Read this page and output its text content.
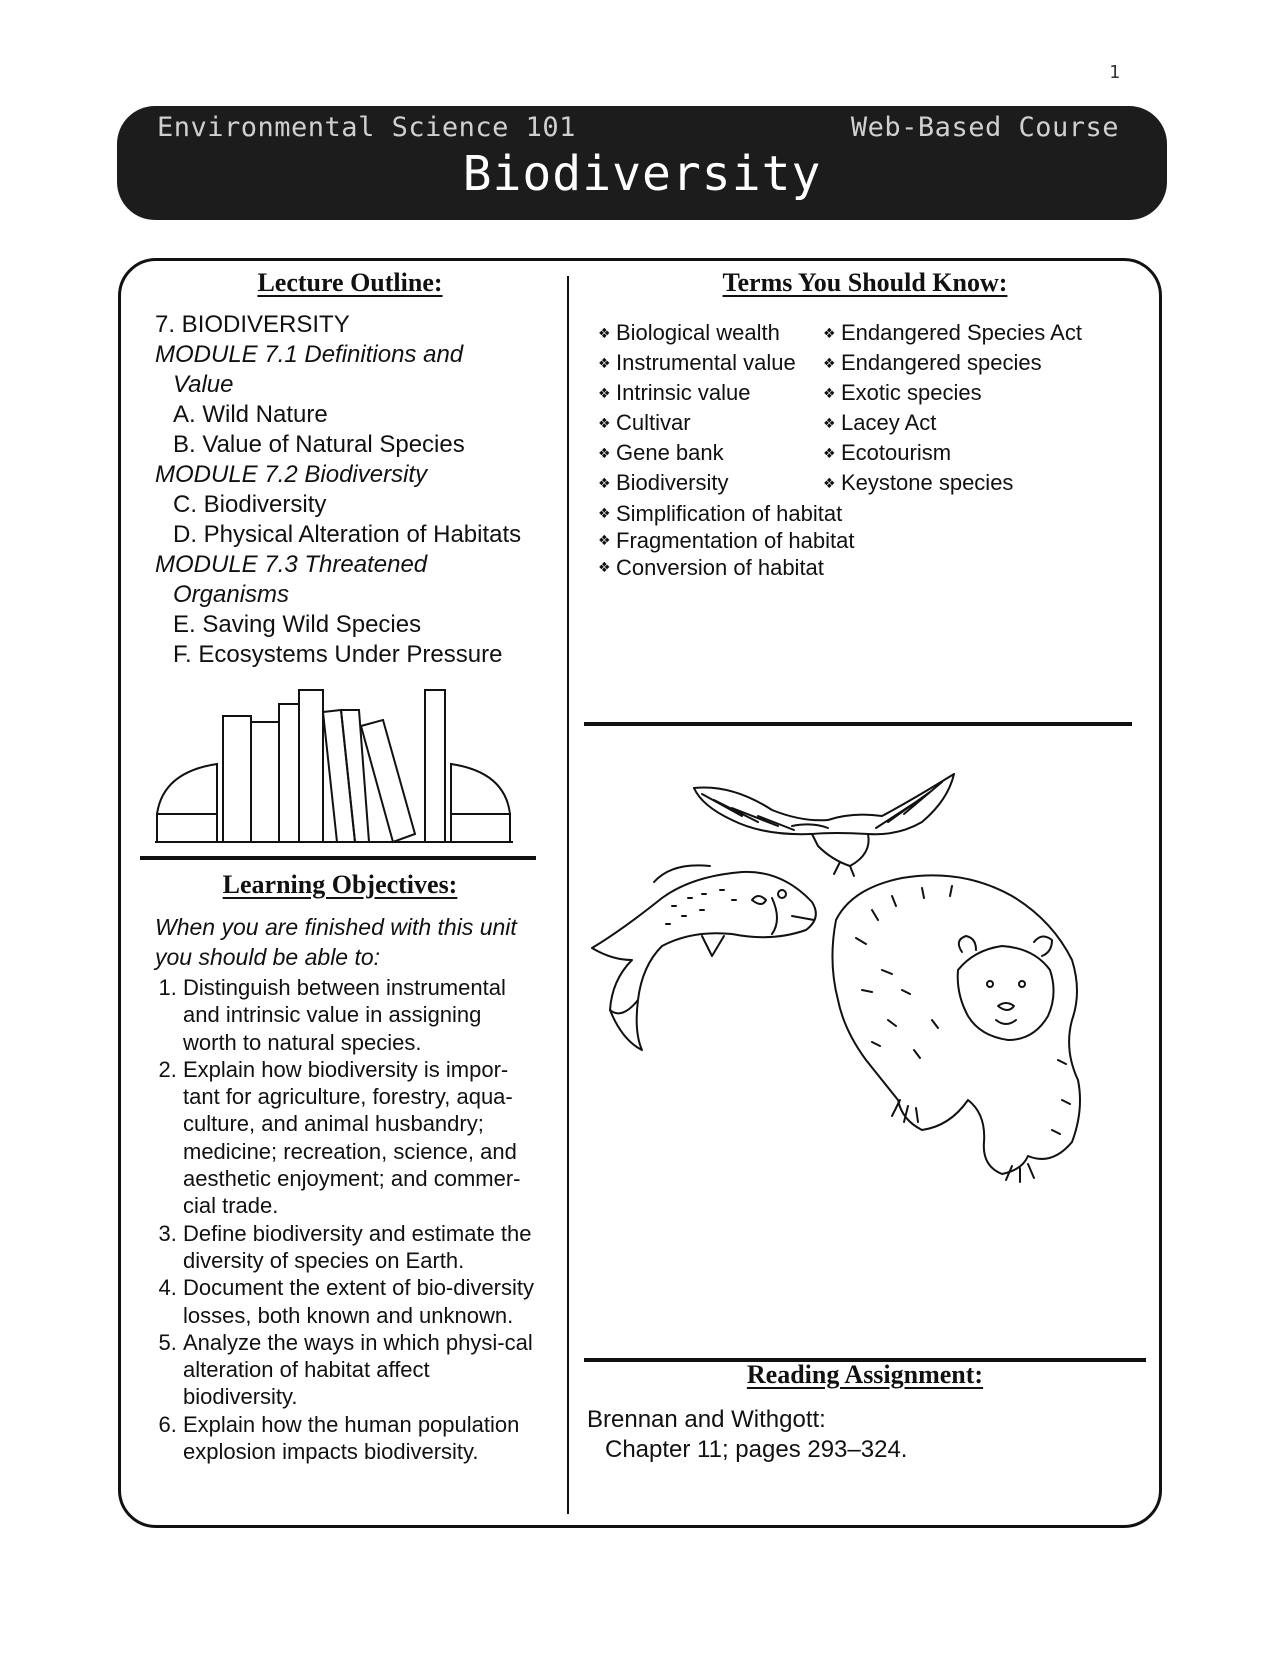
1
Environmental Science 101	Web-Based Course
Biodiversity
Lecture Outline:
7. BIODIVERSITY
MODULE 7.1 Definitions and
Value
A. Wild Nature
B. Value of Natural Species
MODULE 7.2 Biodiversity
C. Biodiversity
D. Physical Alteration of Habitats
MODULE 7.3 Threatened
Organisms
E. Saving Wild Species
F. Ecosystems Under Pressure
Learning Objectives:
When you are finished with this unit you should be able to:
1. Distinguish between instrumental and intrinsic value in assigning worth to natural species.
2. Explain how biodiversity is impor-tant for agriculture, forestry, aqua-culture, and animal husbandry; medicine; recreation, science, and aesthetic enjoyment; and commer-cial trade.
3. Define biodiversity and estimate the diversity of species on Earth.
4. Document the extent of bio-diversity losses, both known and unknown.
5. Analyze the ways in which physi-cal alteration of habitat affect biodiversity.
6. Explain how the human population explosion impacts biodiversity.
Terms You Should Know:
❖ Biological wealth
❖ Instrumental value
❖ Intrinsic value
❖ Cultivar
❖ Gene bank
❖ Biodiversity
❖ Endangered Species Act
❖ Endangered species
❖ Exotic species
❖ Lacey Act
❖ Ecotourism
❖ Keystone species
❖ Simplification of habitat
❖ Fragmentation of habitat
❖ Conversion of habitat
Reading Assignment:
Brennan and Withgott:
Chapter 11; pages 293–324.
